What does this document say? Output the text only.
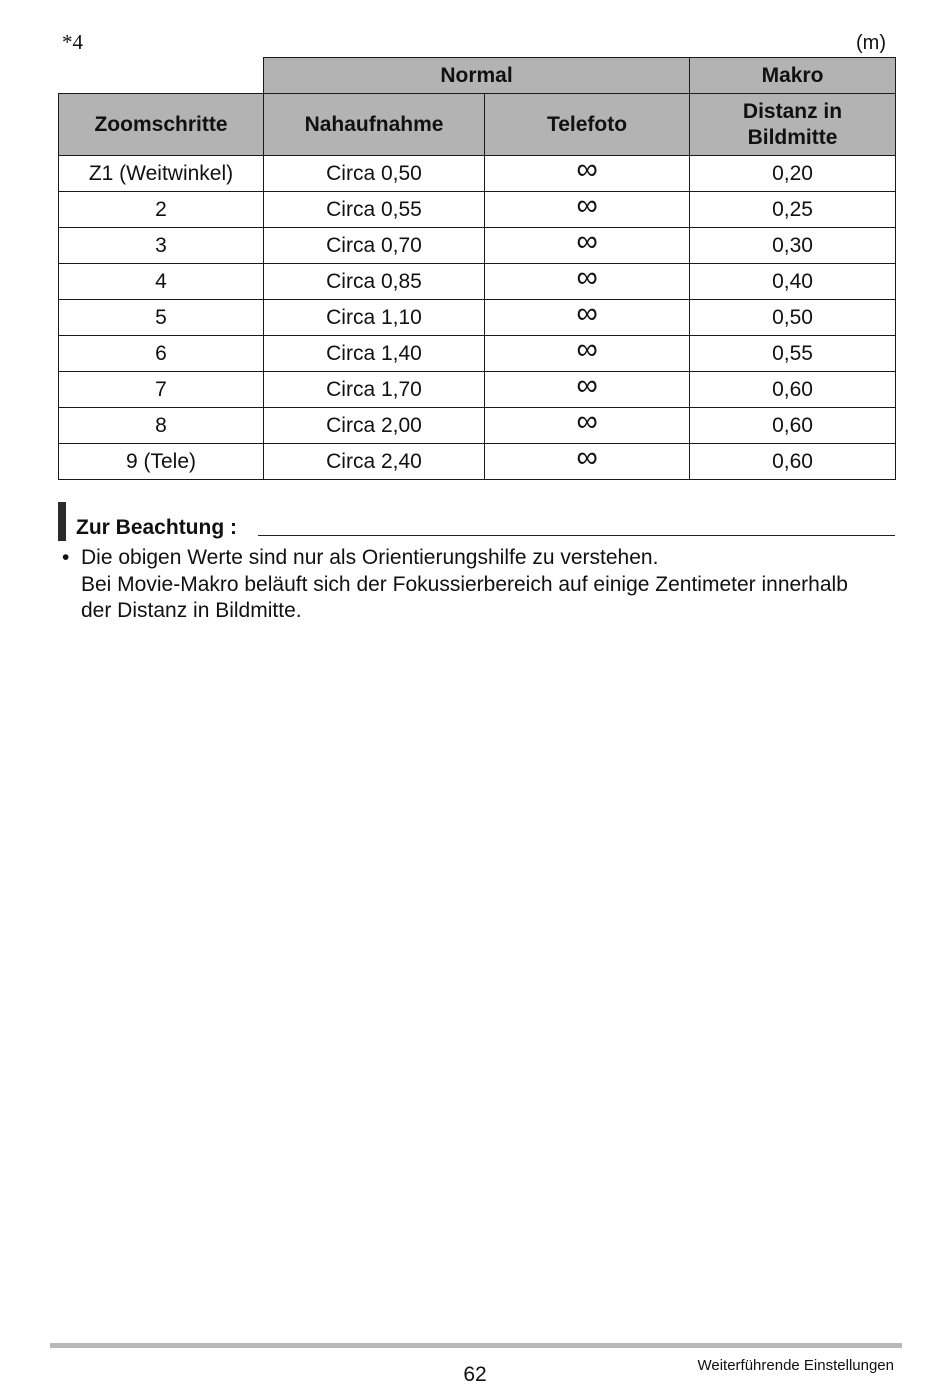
*4	(m)
	Normal		Makro
Zoomschritte	Nahaufnahme	Telefoto	Distanz in Bildmitte
Z1 (Weitwinkel)	Circa 0,50	∞	0,20
2	Circa 0,55	∞	0,25
3	Circa 0,70	∞	0,30
4	Circa 0,85	∞	0,40
5	Circa 1,10	∞	0,50
6	Circa 1,40	∞	0,55
7	Circa 1,70	∞	0,60
8	Circa 2,00	∞	0,60
9 (Tele)	Circa 2,40	∞	0,60
Zur Beachtung :
• Die obigen Werte sind nur als Orientierungshilfe zu verstehen.
Bei Movie-Makro beläuft sich der Fokussierbereich auf einige Zentimeter innerhalb
der Distanz in Bildmitte.
62	Weiterführende Einstellungen
